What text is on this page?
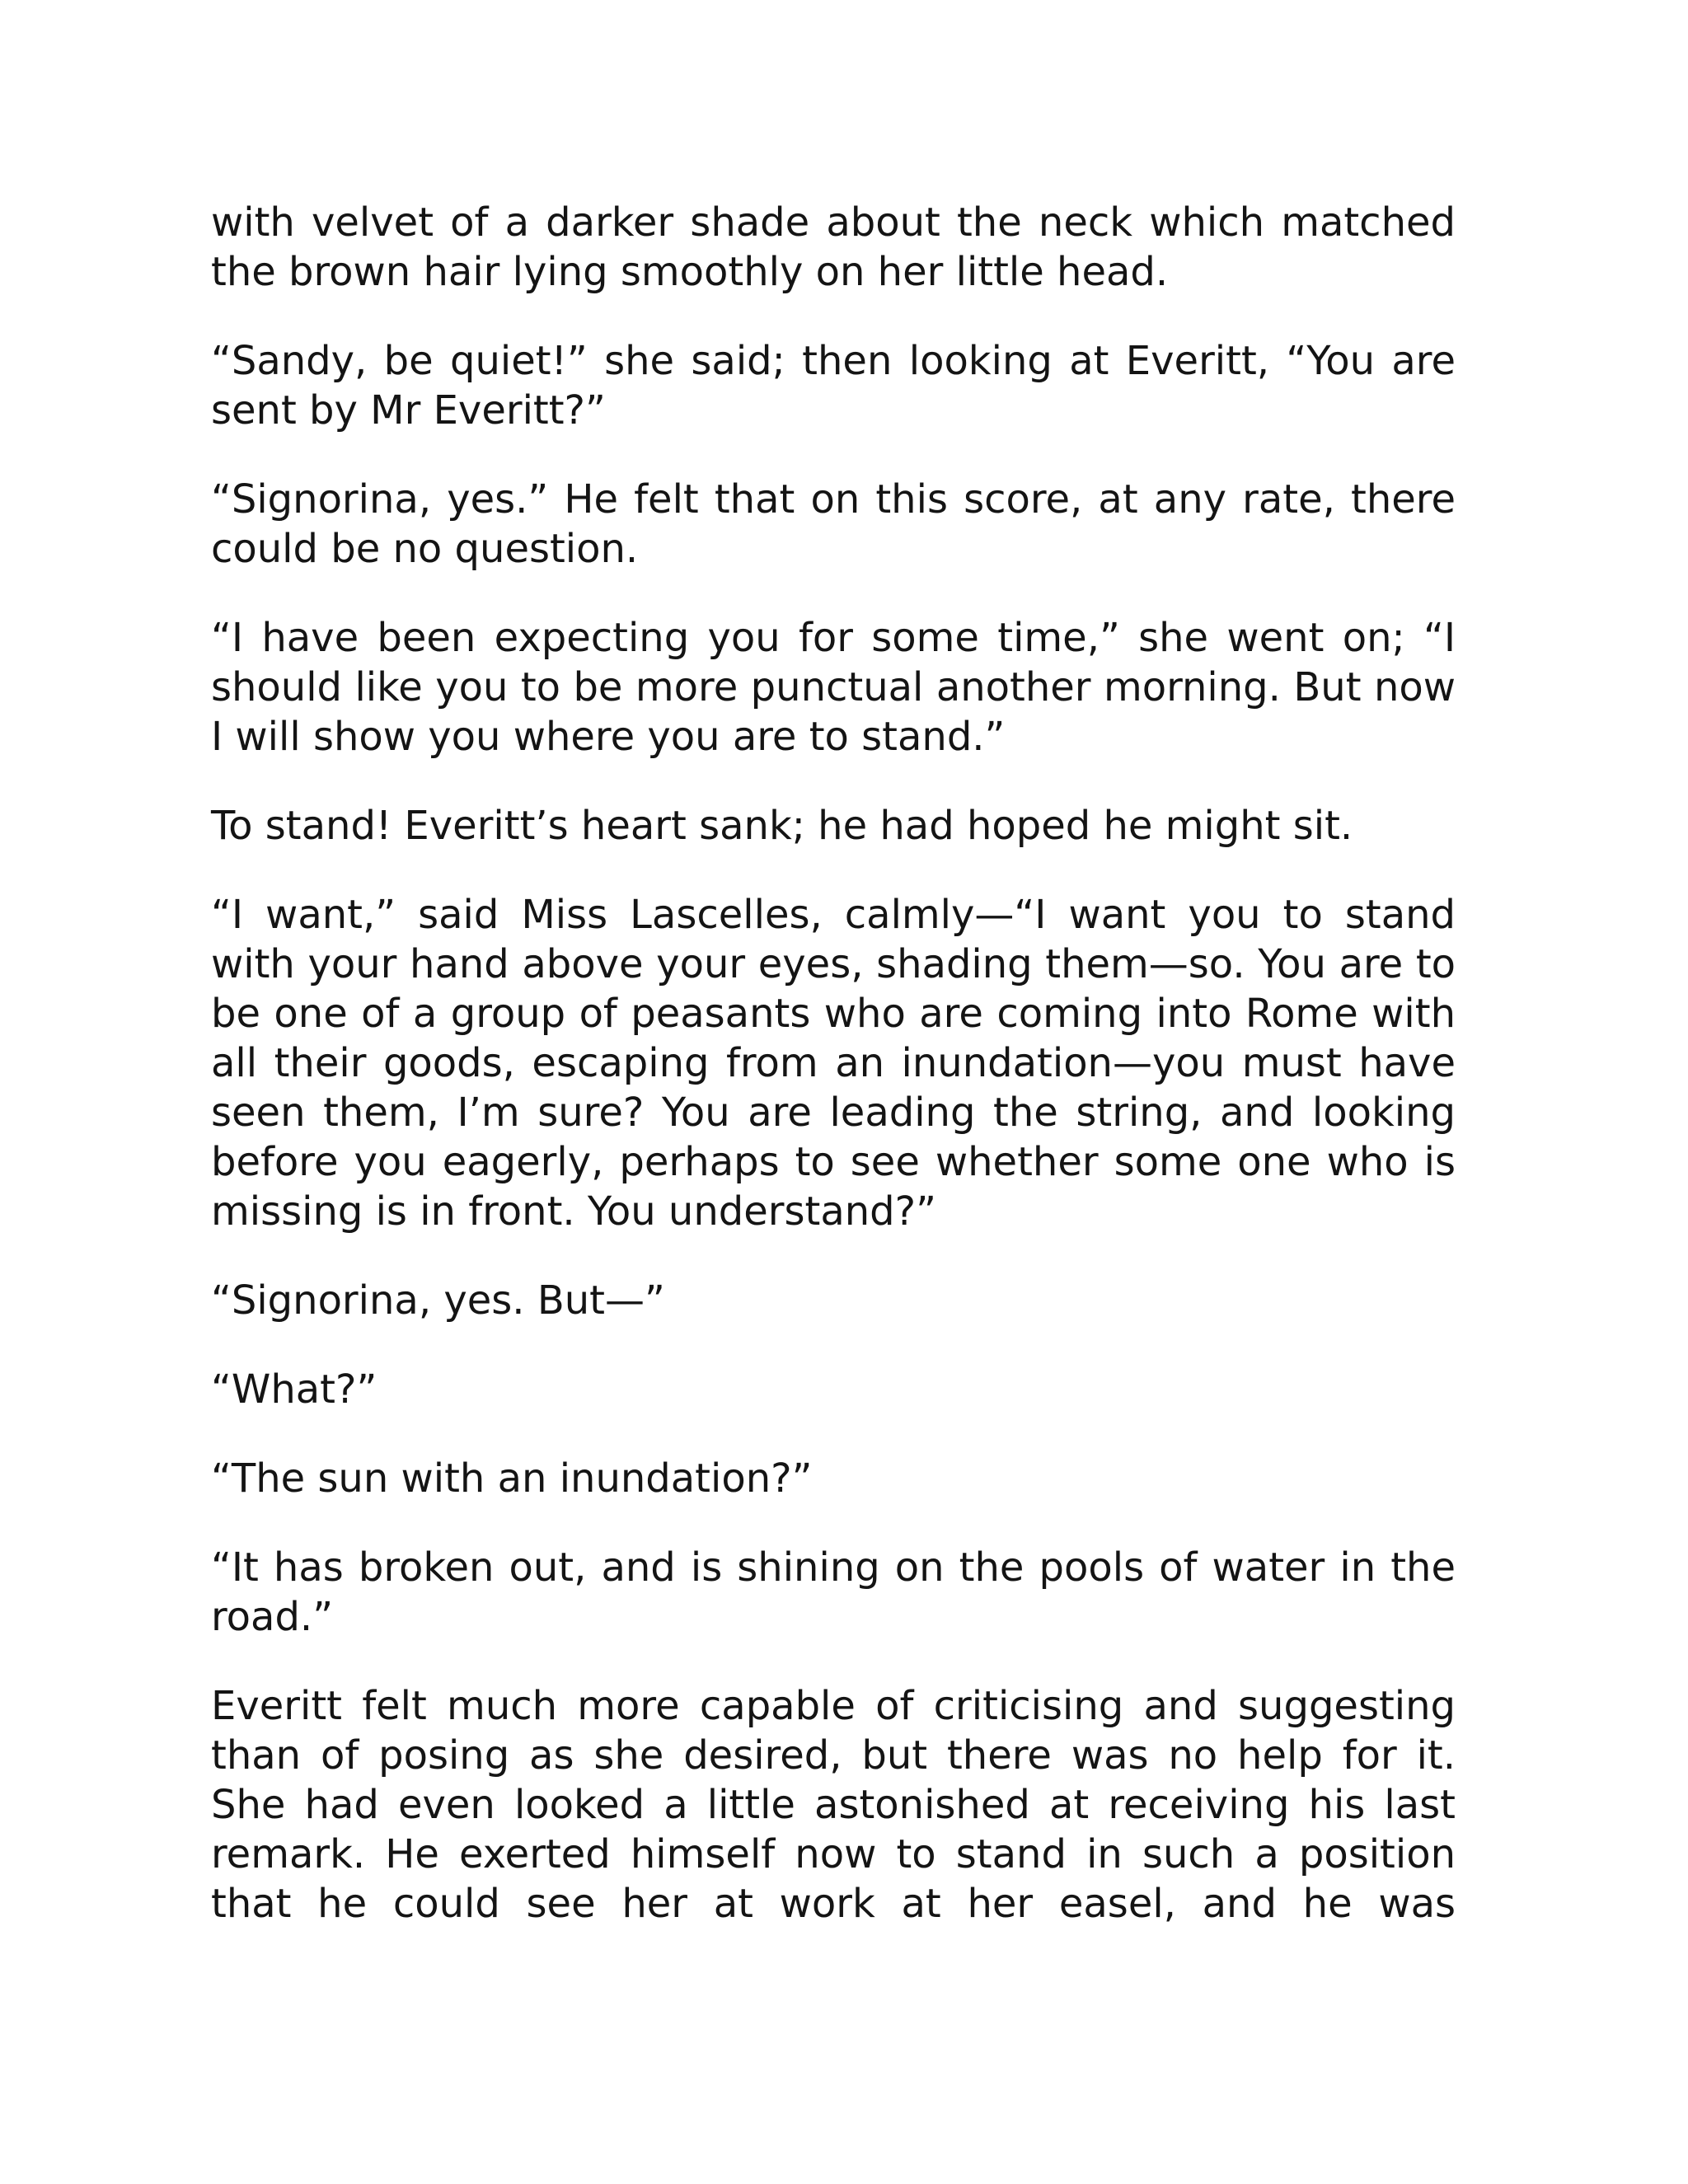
with velvet of a darker shade about the neck which matched the brown hair lying smoothly on her little head.

“Sandy, be quiet!” she said; then looking at Everitt, “You are sent by Mr Everitt?”

“Signorina, yes.” He felt that on this score, at any rate, there could be no question.

“I have been expecting you for some time,” she went on; “I should like you to be more punctual another morning. But now I will show you where you are to stand.”

To stand! Everitt’s heart sank; he had hoped he might sit.

“I want,” said Miss Lascelles, calmly—“I want you to stand with your hand above your eyes, shading them—so. You are to be one of a group of peasants who are coming into Rome with all their goods, escaping from an inundation—you must have seen them, I’m sure? You are leading the string, and looking before you eagerly, perhaps to see whether some one who is missing is in front. You understand?”

“Signorina, yes. But—”

“What?”

“The sun with an inundation?”

“It has broken out, and is shining on the pools of water in the road.”

Everitt felt much more capable of criticising and suggesting than of posing as she desired, but there was no help for it. She had even looked a little astonished at receiving his last remark. He exerted himself now to stand in such a position that he could see her at work at her easel, and he was
